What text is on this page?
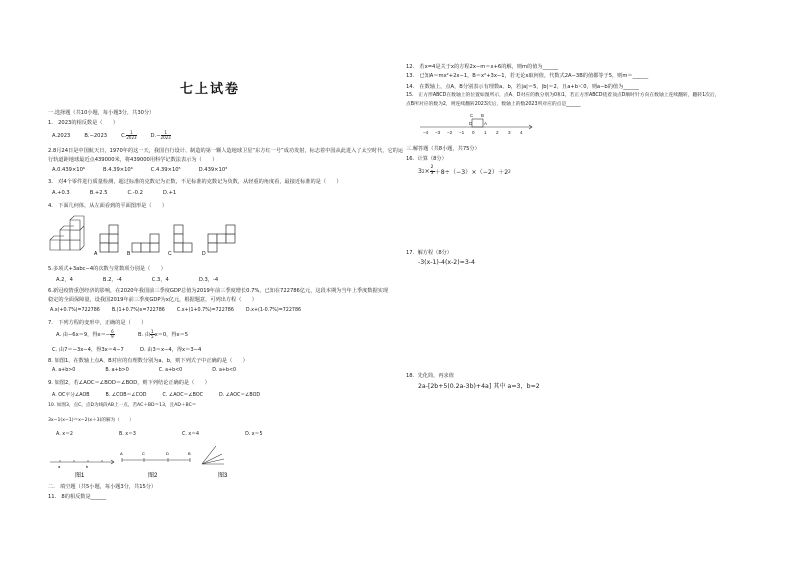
七上试卷
一.选择题（共10小题，每小题3分，共30分）
1.　2023的相反数是（　　）
A.2023	B.−2023	C. $\frac{1}{2023}$	$D.- \frac{1}{2023}$
2.8月24日是中国航天日，1970年的这一天，我国自行设计、制造的第一颗人造地球卫星“东方红一号”成功发射，标志着中国从此进入了太空时代，它的运
行轨道距地球最近点439000米，将439000用科学记数法表示为（　　）
A.0.439×10⁶	B.4.39×10⁶	C.4.39×10⁵	D.439×10³
3.　对4个零件进行质量检测，超过标准的克数记为正数，不足标准的克数记为负数，从轻重的角度看，最接近标准的是（　　）
A.+0.3	B.+2.5	C.-0.2	D.+1
4.　下面几何体，从左面看到的平面图形是（　　）
A	B	C	D
5.多项式+3abc−4的次数与常数项分别是（　　）
A.2，4	B.2，-4	C.3，4	D.3，-4
6.新冠疫情重创经济的影响，在2020年我国前三季度GDP总值为2019年前三季度增长0.7%，已知在722786亿元，这段本期为当年上季度数据实现
稳定的全面保障量，设我国2019年前三季度GDP为x亿元，根据题意，可列出方程（　　）
A.x(+0.7%)=722786	B.(1+0.7%)x=722786	C.x+(1+0.7%)=722786	D.x+(1-0.7%)=722786
7.　下列方程的变形中，正确的是（　　）
A. 由−6x＝9，得$x=- \frac{6}{9}$	B. 由 $\frac{1}{5} x=0$，得x＝5
C. 由7＝−3x−4，得3x＝4−7	D. 由3＝x−4，得x＝3−4
8. 如图1，在数轴上点A、B对应的有理数分别为a、b，则下列式子中正确的是（　　）
A. a+b>0	B. a+b>0	C. a+b<0	D. a+b<0
9. 如图2，若∠AOC＝∠BOD＝∠BOD，则下列结论正确的是（　　）
A. OC平分∠AOB	B. ∠COB＝∠COD	C. ∠AOC＝∠BOC	D. ∠AOC＝∠BOD
10. 如图3，点C，点D为线段AB上一点，若AC＋BD＝13，且AD＋BC＝
3x−1(x−1)＝x−2(x＋3)的解为（　　）
A. x＝2	B. x＝3	C. x＝4	D. x＝5
a	b
A	C	D	B
图1	图2	图3
二.　填空题（共5小题，每小题3分，共15分）
11.　8的相反数是______
12.　若x=4是关于x的方程2x−m＝x+6的解，则m的值为______
13.　已知A＝mx²+2x−1，B＝x²+3x−1，若无论x取何值，代数式2A−3B的值都等于5，则m＝______
14.　在数轴上，点A，B分别表示有理数a、b，若|a|＝5，|b|＝2，且a+b＜0，则a−b的值为______
15.　正方形ABCD在数轴上的位置如图所示，点A、D对应的数分别为0和1，若正方形ABCD绕着顶点D顺时针方向在数轴上连续翻转，翻转1次后，
点B所对应的数为2，则连续翻转2023次后，数轴上的数2023所对应的点是______
−4 −3 −2 −1 0 1 2 3 4
C B
D	A
三.解答题（共8小题，共75分）
16. 计算（8分）
3 $2 \times \frac{2}{3} +8\div(-3)\times(-2)+2$ 2
17. 解方程（8分）
-3(x-1)-4(x-2)=3-4
18. 先化简，再求值
2a-[2b+5(0.2a-3b)+4a] 其中 a=3，b=2
